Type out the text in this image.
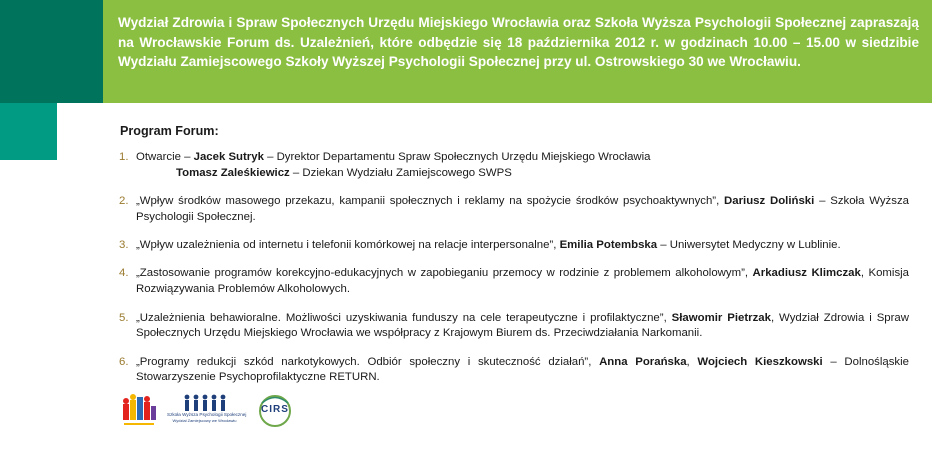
Wydział Zdrowia i Spraw Społecznych Urzędu Miejskiego Wrocławia oraz Szkoła Wyższa Psychologii Społecznej zapraszają na Wrocławskie Forum ds. Uzależnień, które odbędzie się 18 października 2012 r. w godzinach 10.00 – 15.00 w siedzibie Wydziału Zamiejscowego Szkoły Wyższej Psychologii Społecznej przy ul. Ostrowskiego 30 we Wrocławiu.
Program Forum:
1. Otwarcie – Jacek Sutryk – Dyrektor Departamentu Spraw Społecznych Urzędu Miejskiego Wrocławia
Tomasz Zaleśkiewicz – Dziekan Wydziału Zamiejscowego SWPS
2. „Wpływ środków masowego przekazu, kampanii społecznych i reklamy na spożycie środków psychoaktywnych”, Dariusz Doliński – Szkoła Wyższa Psychologii Społecznej.
3. „Wpływ uzależnienia od internetu i telefonii komórkowej na relacje interpersonalne”, Emilia Potembska – Uniwersytet Medyczny w Lublinie.
4. „Zastosowanie programów korekcyjno-edukacyjnych w zapobieganiu przemocy w rodzinie z problemem alkoholowym”, Arkadiusz Klimczak, Komisja Rozwiązywania Problemów Alkoholowych.
5. „Uzależnienia behawioralne. Możliwości uzyskiwania funduszy na cele terapeutyczne i profilaktyczne”, Sławomir Pietrzak, Wydział Zdrowia i Spraw Społecznych Urzędu Miejskiego Wrocławia we współpracy z Krajowym Biurem ds. Przeciwdziałania Narkomanii.
6. „Programy redukcji szkód narkotykowych. Odbiór społeczny i skuteczność działań”, Anna Porańska, Wojciech Kieszkowski – Dolnośląskie Stowarzyszenie Psychoprofilaktyczne RETURN.
Szkoła Wyższa Psychologii Społecznej
Wydział Zamiejscowy we Wrocławiu
CIRS
